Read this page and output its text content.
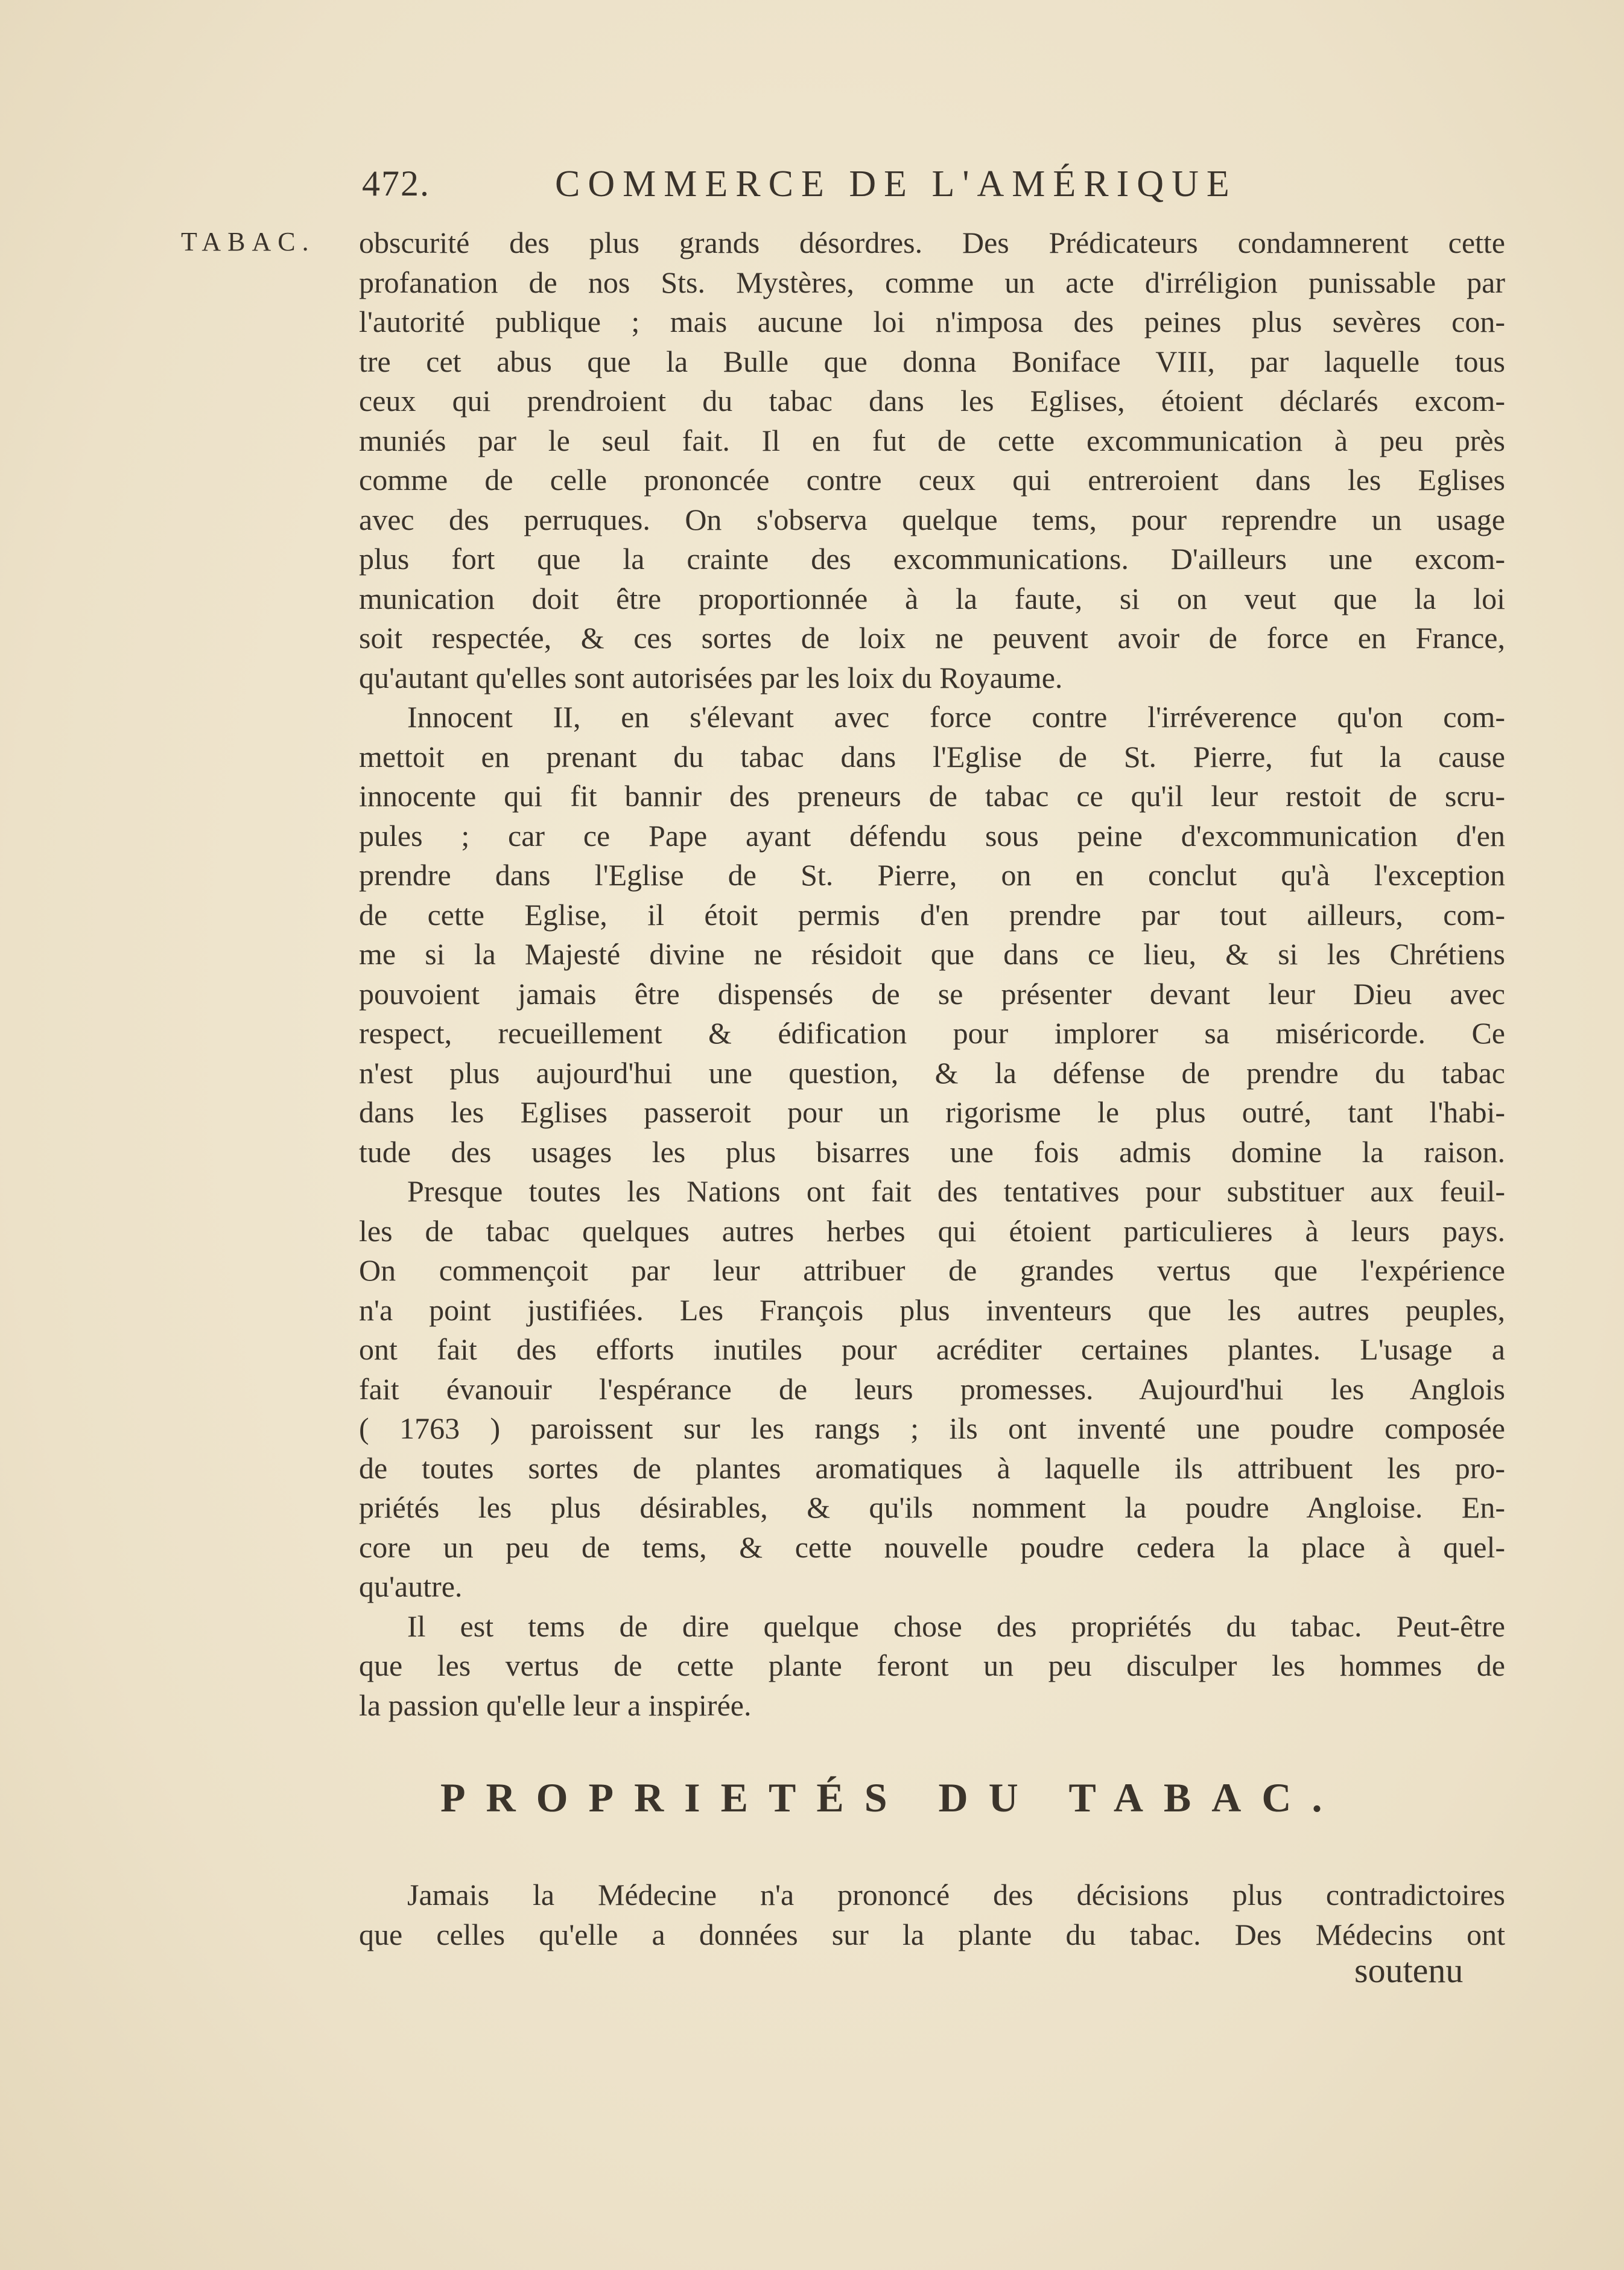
472.	COMMERCE DE L'AMÉRIQUE
TABAC. obscurité des plus grands désordres. Des Prédicateurs condamnerent cette
profanation de nos Sts. Mystères, comme un acte d'irréligion punissable par
l'autorité publique ; mais aucune loi n'imposa des peines plus sevères con-
tre cet abus que la Bulle que donna Boniface VIII, par laquelle tous
ceux qui prendroient du tabac dans les Eglises, étoient déclarés excom-
muniés par le seul fait. Il en fut de cette excommunication à peu près
comme de celle prononcée contre ceux qui entreroient dans les Eglises
avec des perruques. On s'observa quelque tems, pour reprendre un usage
plus fort que la crainte des excommunications. D'ailleurs une excom-
munication doit être proportionnée à la faute, si on veut que la loi
soit respectée, & ces sortes de loix ne peuvent avoir de force en France,
qu'autant qu'elles sont autorisées par les loix du Royaume.
Innocent II, en s'élevant avec force contre l'irréverence qu'on com-
mettoit en prenant du tabac dans l'Eglise de St. Pierre, fut la cause
innocente qui fit bannir des preneurs de tabac ce qu'il leur restoit de scru-
pules ; car ce Pape ayant défendu sous peine d'excommunication d'en
prendre dans l'Eglise de St. Pierre, on en conclut qu'à l'exception
de cette Eglise, il étoit permis d'en prendre par tout ailleurs, com-
me si la Majesté divine ne résidoit que dans ce lieu, & si les Chrétiens
pouvoient jamais être dispensés de se présenter devant leur Dieu avec
respect, recueillement & édification pour implorer sa miséricorde. Ce
n'est plus aujourd'hui une question, & la défense de prendre du tabac
dans les Eglises passeroit pour un rigorisme le plus outré, tant l'habi-
tude des usages les plus bisarres une fois admis domine la raison.
Presque toutes les Nations ont fait des tentatives pour substituer aux feuil-
les de tabac quelques autres herbes qui étoient particulieres à leurs pays.
On commençoit par leur attribuer de grandes vertus que l'expérience
n'a point justifiées. Les François plus inventeurs que les autres peuples,
ont fait des efforts inutiles pour acréditer certaines plantes. L'usage a
fait évanouir l'espérance de leurs promesses. Aujourd'hui les Anglois
( 1763 ) paroissent sur les rangs ; ils ont inventé une poudre composée
de toutes sortes de plantes aromatiques à laquelle ils attribuent les pro-
priétés les plus désirables, & qu'ils nomment la poudre Angloise. En-
core un peu de tems, & cette nouvelle poudre cedera la place à quel-
qu'autre.
Il est tems de dire quelque chose des propriétés du tabac. Peut-être
que les vertus de cette plante feront un peu disculper les hommes de
la passion qu'elle leur a inspirée.
PROPRIETÉS DU TABAC.
Jamais la Médecine n'a prononcé des décisions plus contradictoires
que celles qu'elle a données sur la plante du tabac. Des Médecins ont
soutenu
